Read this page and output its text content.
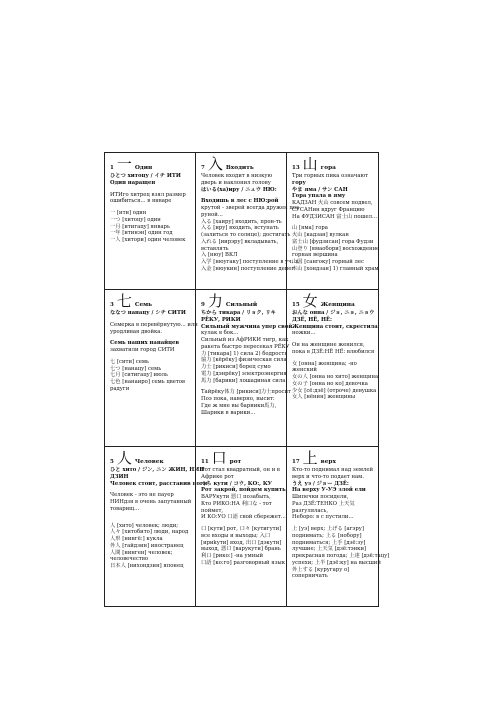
1 一 Один
ひとつ хитоцу / イチ ИТИ
Один наращен
ИТИго хитрец взял размер
ошибиться... в январе
一 [ити] один
一つ [хитоцу] один
一月 [итигацу] январь
一年 [итинэн] один год
一人 [хитори] один человек
7 入 Входить
Человек входит в низкую
дверь и наклонил голову
はいる(ха)иру / ニュウ НЮ:
Входишь в лес с НЮ:рой
крутой - зверей всегда дружен поз
руной...
入る [хаиру] входить, прон-ть
入る [иру] входить, вступать
(залиться то солнце); достигать
入れる [иирэру] вкладывать,
вставлять
入 [нюу] ВКЛ
入学 [нюугаку] поступление в уч. з.
入金 [нюукин] поступление денег
13 山 гора
Три горных пика означают
гору
やま яма / サン САН
Гора упала в яму
КАДЗАН 火山 совсем подвел,
СУСАНин вдруг Францию
На ФУДЗИСАН 富士山 пошел...
山 [яма] гора
火山 [кадзан] вулкан
富士山 [фудзисан] гора Фудзи
山登り [ямаобори] восхождение
горная вершина
山国 [сангоку] горный лес
本山 [хондзан] 1) главный храм
3 七 Семь
ななつ нанацу / シチ СИТИ
Семерка в перевёрнутую... или
уродливая двойка.
Семь наших нанайцев
захватили город СИТИ
七 [сити] семь
七つ [нанацу] семь
七月 [ситигацу] июль
七色 [нанаиро] семь цветов
радуги
9 力 Сильный
ちから тикара / リョク, リキ
РЁКУ, РИКИ
Сильный мужчина упер свой
кулак в бок...
Сильный из АфРИКИ тигр, как
ракета быстро пересекал РЁКУ
力 [тикара] 1) сила 2) бодрость
協力 [кёрёку] физическая сила
力士 [рикиси] борец сумо
電力 [дэнрёку] электроэнергия
馬力 [барики] лошадиная сила
Тайрёку体力 [рикиси]力士просит
Поэ пока, наверно, высит:
Где ж мне вы бариики馬力,
Шарики в варики...
15 女 Женщина
おんな онна / ジョ, ニョ, ニョウ
ДЗЁ, НЁ, НЁ:
Женщина стоит, скрестила
ножки...
Он на женщине женился,
пока в ДЗЁ:НЁ НЁ: влюбился
女 [онна] женщина; -но
женский
女の人 [онна но хито] женщина
女の子 [онна но ко] девочка
少女 [сё:дзё] (отроче) девушка
女人 [нёнин] женщины
5 人 Человек
ひと хито / ジン, ニン ЖИН, НИН
ДЗИН
Человек стоит, расставив ноги
Человек - это не пауер
НИНдзя в очень запутанный
товарищ...
人 [хито] человек; люди;
人々 [хитобито] люди, народ
人形 [нингё:] кукла
外人 [гайдзин] иностранец
人間 [нинген] человек;
человечество
日本人 [нихондзин] японец
11 口 рот
Рот стал квадратный, он и в
Африке рот
くち кути / コウ, КО:, КУ
Рот закрой, пойдем купить,
ВАРУкути 悪口 позабыть,
Кто РИКО:НА 利口な - тот
поймет,
И КО:УО 口語 свой сбережет...
口 [кути] рот, 口々 [кутигути]
все входы и выходы; 入口
[ириkути] вход, 出口 [дэкути]
выход, 悪口 [варукути] брань
利口 [рико:] -на умный
口語 [ко:го] разговорный язык
17 上 верх
Кто-то поднимал над землей
верх и что-то подает нам.
うえ уэ / ジョー ДЗЁ:
На верху У-УЭ злой ели
Шипечки посидели,
Раз ДЗЁ:ТЕНКО 上天気
разгулялась,
Небоpо: в с пустили...
上 [уэ] верх; 上げる [агэру]
поднимать; 上る [нобору]
подниматься; 上手 [дзё:зу]
лучшие; 上天気 [дзё:тэнки]
прекрасная погода; 上達 [дзё:тацу]
успехи; 上半 [дзё:ку] на высший
外上する [куругару о]
соперничать
